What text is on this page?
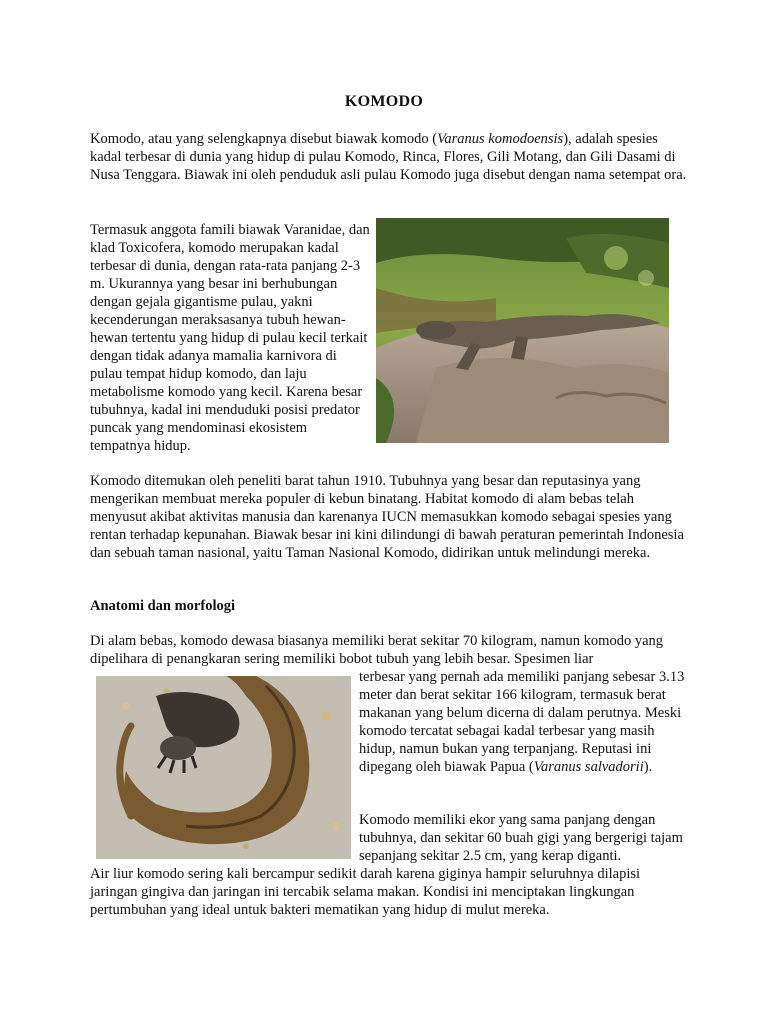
KOMODO

Komodo, atau yang selengkapnya disebut biawak komodo (Varanus komodoensis), adalah spesies kadal terbesar di dunia yang hidup di pulau Komodo, Rinca, Flores, Gili Motang, dan Gili Dasami di Nusa Tenggara. Biawak ini oleh penduduk asli pulau Komodo juga disebut dengan nama setempat ora.

Termasuk anggota famili biawak Varanidae, dan klad Toxicofera, komodo merupakan kadal terbesar di dunia, dengan rata-rata panjang 2-3 m. Ukurannya yang besar ini berhubungan dengan gejala gigantisme pulau, yakni kecenderungan meraksasanya tubuh hewan-hewan tertentu yang hidup di pulau kecil terkait dengan tidak adanya mamalia karnivora di pulau tempat hidup komodo, dan laju metabolisme komodo yang kecil. Karena besar tubuhnya, kadal ini menduduki posisi predator puncak yang mendominasi ekosistem tempatnya hidup.

Komodo ditemukan oleh peneliti barat tahun 1910. Tubuhnya yang besar dan reputasinya yang mengerikan membuat mereka populer di kebun binatang. Habitat komodo di alam bebas telah menyusut akibat aktivitas manusia dan karenanya IUCN memasukkan komodo sebagai spesies yang rentan terhadap kepunahan. Biawak besar ini kini dilindungi di bawah peraturan pemerintah Indonesia dan sebuah taman nasional, yaitu Taman Nasional Komodo, didirikan untuk melindungi mereka.

Anatomi dan morfologi

Di alam bebas, komodo dewasa biasanya memiliki berat sekitar 70 kilogram, namun komodo yang dipelihara di penangkaran sering memiliki bobot tubuh yang lebih besar. Spesimen liar

terbesar yang pernah ada memiliki panjang sebesar 3.13 meter dan berat sekitar 166 kilogram, termasuk berat makanan yang belum dicerna di dalam perutnya. Meski komodo tercatat sebagai kadal terbesar yang masih hidup, namun bukan yang terpanjang. Reputasi ini dipegang oleh biawak Papua (Varanus salvadorii).

Komodo memiliki ekor yang sama panjang dengan tubuhnya, dan sekitar 60 buah gigi yang bergerigi tajam sepanjang sekitar 2.5 cm, yang kerap diganti.

Air liur komodo sering kali bercampur sedikit darah karena giginya hampir seluruhnya dilapisi jaringan gingiva dan jaringan ini tercabik selama makan. Kondisi ini menciptakan lingkungan pertumbuhan yang ideal untuk bakteri mematikan yang hidup di mulut mereka.
